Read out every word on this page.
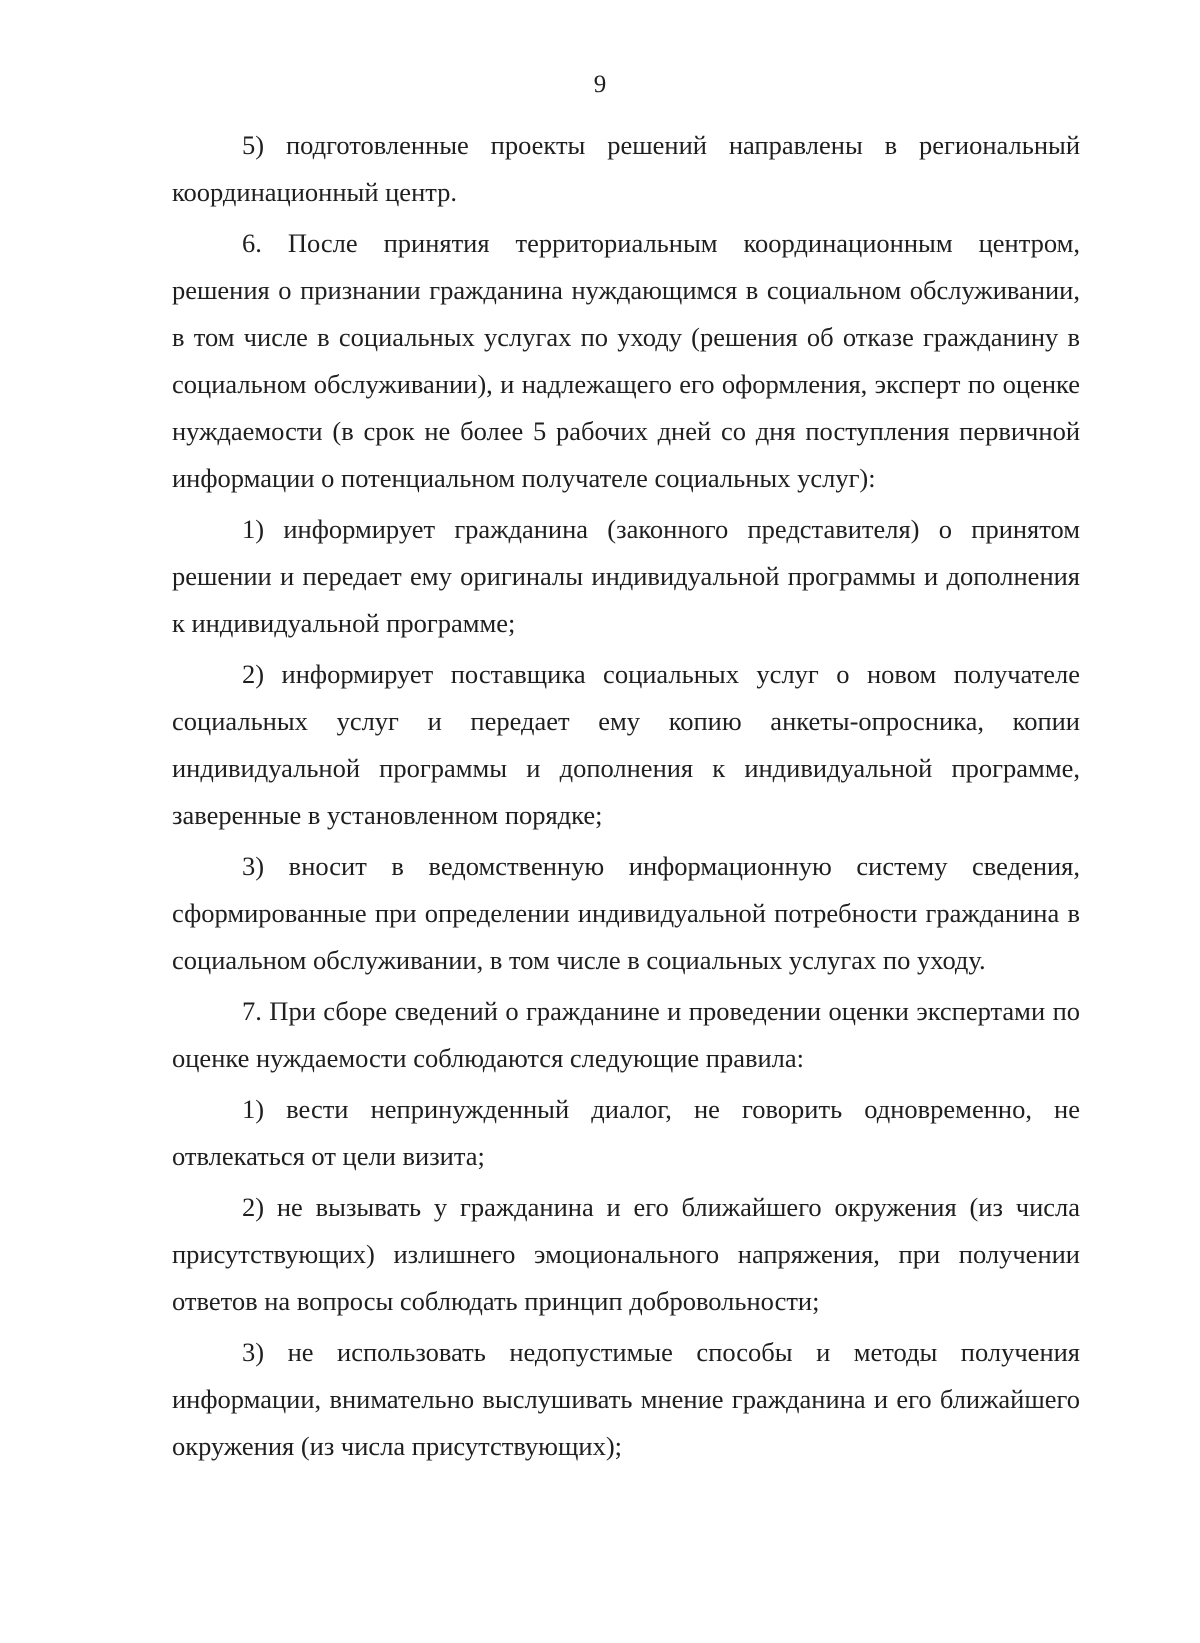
9

5) подготовленные проекты решений направлены в региональный координационный центр.

6. После принятия территориальным координационным центром, решения о признании гражданина нуждающимся в социальном обслуживании, в том числе в социальных услугах по уходу (решения об отказе гражданину в социальном обслуживании), и надлежащего его оформления, эксперт по оценке нуждаемости (в срок не более 5 рабочих дней со дня поступления первичной информации о потенциальном получателе социальных услуг):

1) информирует гражданина (законного представителя) о принятом решении и передает ему оригиналы индивидуальной программы и дополнения к индивидуальной программе;

2) информирует поставщика социальных услуг о новом получателе социальных услуг и передает ему копию анкеты-опросника, копии индивидуальной программы и дополнения к индивидуальной программе, заверенные в установленном порядке;

3) вносит в ведомственную информационную систему сведения, сформированные при определении индивидуальной потребности гражданина в социальном обслуживании, в том числе в социальных услугах по уходу.

7. При сборе сведений о гражданине и проведении оценки экспертами по оценке нуждаемости соблюдаются следующие правила:

1) вести непринужденный диалог, не говорить одновременно, не отвлекаться от цели визита;

2) не вызывать у гражданина и его ближайшего окружения (из числа присутствующих) излишнего эмоционального напряжения, при получении ответов на вопросы соблюдать принцип добровольности;

3) не использовать недопустимые способы и методы получения информации, внимательно выслушивать мнение гражданина и его ближайшего окружения (из числа присутствующих);
